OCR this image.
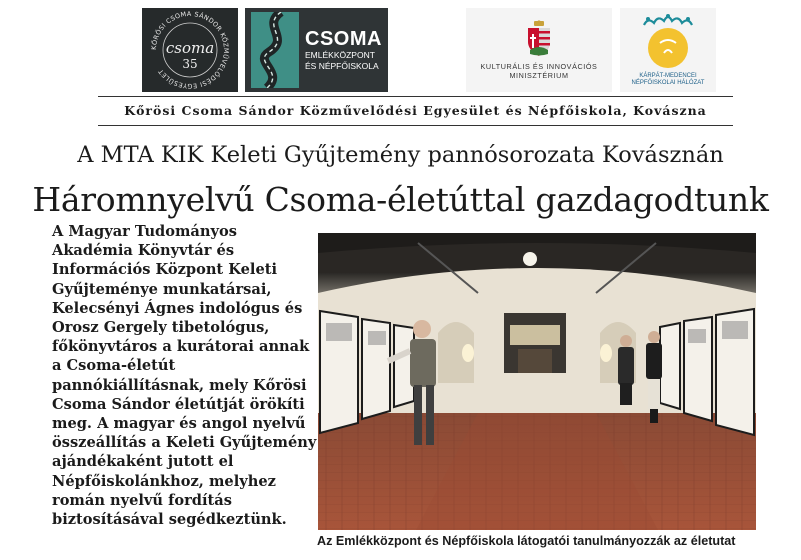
KŐRÖSI CSOMA SÁNDOR KÖZMŰVELŐDÉSI EGYESÜLET
csoma
35
CSOMA
EMLÉKKÖZPONT
ÉS NÉPFŐISKOLA	KULTURÁLIS ÉS INNOVÁCIÓS
MINISZTÉRIUM	KÁRPÁT-MEDENCEI
NÉPFŐISKOLAI HÁLÓZAT
Kőrösi Csoma Sándor Közművelődési Egyesület és Népfőiskola, Kovászna
A MTA KIK Keleti Gyűjtemény pannósorozata Kovásznán
Háromnyelvű Csoma-életúttal gazdagodtunk

A Magyar Tudományos
Akadémia Könyvtár és
Információs Központ Keleti
Gyűjteménye munkatársai,
Kelecsényi Ágnes indológus és
Orosz Gergely tibetológus,
főkönyvtáros a kurátorai annak
a Csoma-életút
pannókiállításnak, mely Kőrösi
Csoma Sándor életútját örökíti
meg. A magyar és angol nyelvű
összeállítás a Keleti Gyűjtemény
ajándékaként jutott el
Népfőiskolánkhoz, melyhez
román nyelvű fordítás
biztosításával segédkeztünk.

Az Emlékközpont és Népfőiskola látogatói tanulmányozzák az életutat
